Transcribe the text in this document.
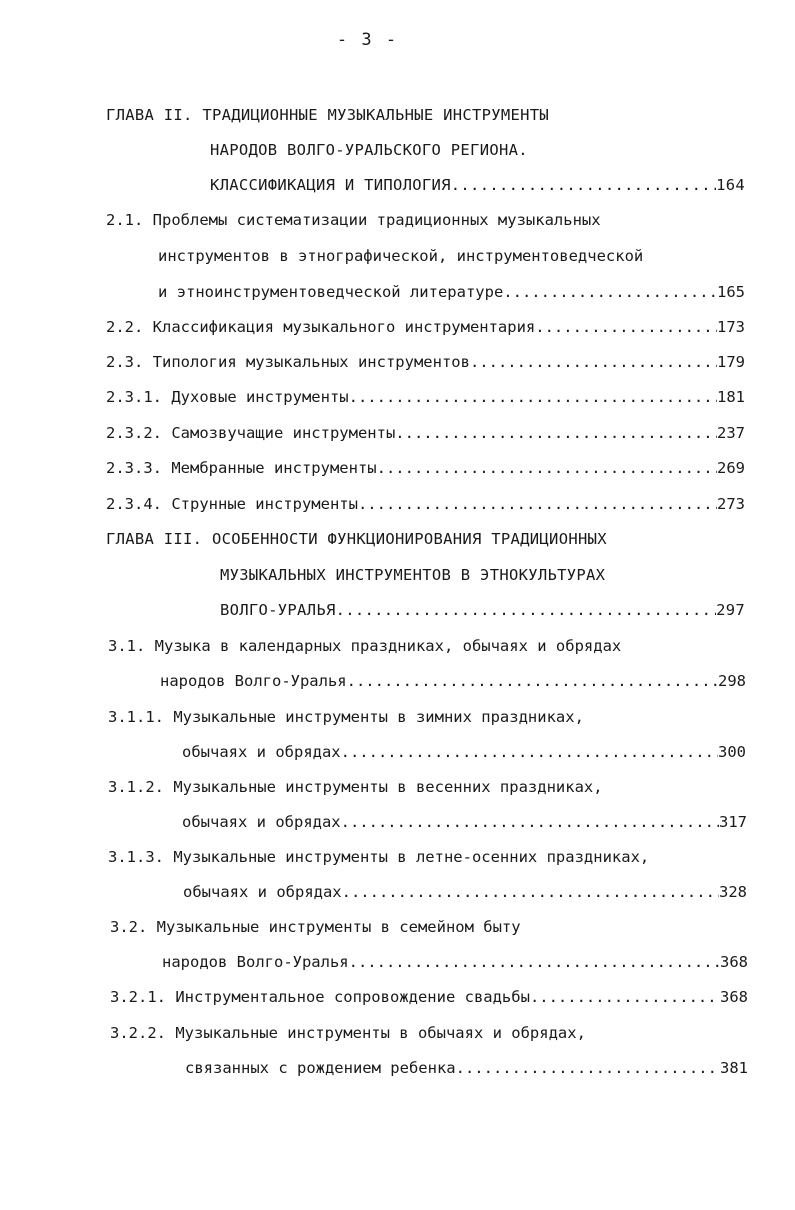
- 3 -
ГЛАВА II. ТРАДИЦИОННЫЕ МУЗЫКАЛЬНЫЕ ИНСТРУМЕНТЫ
НАРОДОВ ВОЛГО-УРАЛЬСКОГО РЕГИОНА.
КЛАССИФИКАЦИЯ И ТИПОЛОГИЯ .....	164
2.1. Проблемы систематизации традиционных музыкальных
инструментов в этнографической, инструментоведческой
и этноинструментоведческой литературе .....	165
2.2. Классификация музыкального инструментария .....	173
2.3. Типология музыкальных инструментов .....	179
2.3.1. Духовые инструменты .....	181
2.3.2. Самозвучащие инструменты .....	237
2.3.3. Мембранные инструменты .....	269
2.3.4. Струнные инструменты .....	273
ГЛАВА III. ОСОБЕННОСТИ ФУНКЦИОНИРОВАНИЯ ТРАДИЦИОННЫХ
МУЗЫКАЛЬНЫХ ИНСТРУМЕНТОВ В ЭТНОКУЛЬТУРАХ
ВОЛГО-УРАЛЬЯ .....	297
3.1. Музыка в календарных праздниках, обычаях и обрядах
народов Волго-Уралья .....	298
3.1.1. Музыкальные инструменты в зимних праздниках,
обычаях и обрядах .....	300
3.1.2. Музыкальные инструменты в весенних праздниках,
обычаях и обрядах .....	317
3.1.3. Музыкальные инструменты в летне-осенних праздниках,
обычаях и обрядах .....	328
3.2. Музыкальные инструменты в семейном быту
народов Волго-Уралья .....	368
3.2.1. Инструментальное сопровождение свадьбы .....	368
3.2.2. Музыкальные инструменты в обычаях и обрядах,
связанных с рождением ребенка .....	381
